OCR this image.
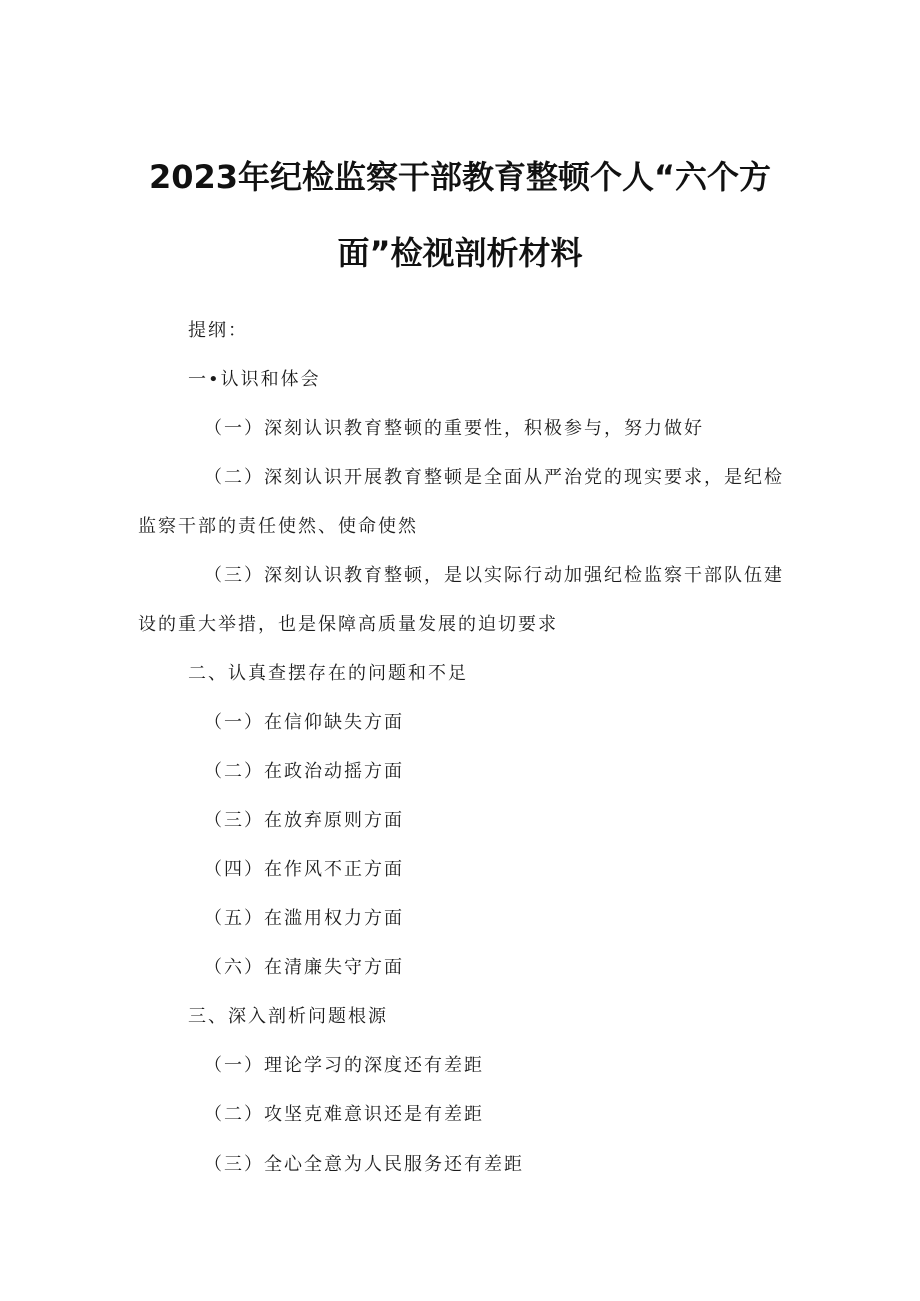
2023年纪检监察干部教育整顿个人“六个方
面”检视剖析材料
提纲：
一•认识和体会
（一）深刻认识教育整顿的重要性，积极参与，努力做好
（二）深刻认识开展教育整顿是全面从严治党的现实要求，是纪检
监察干部的责任使然、使命使然
（三）深刻认识教育整顿，是以实际行动加强纪检监察干部队伍建
设的重大举措，也是保障高质量发展的迫切要求
二、认真查摆存在的问题和不足
（一）在信仰缺失方面
（二）在政治动摇方面
（三）在放弃原则方面
（四）在作风不正方面
（五）在滥用权力方面
（六）在清廉失守方面
三、深入剖析问题根源
（一）理论学习的深度还有差距
（二）攻坚克难意识还是有差距
（三）全心全意为人民服务还有差距
